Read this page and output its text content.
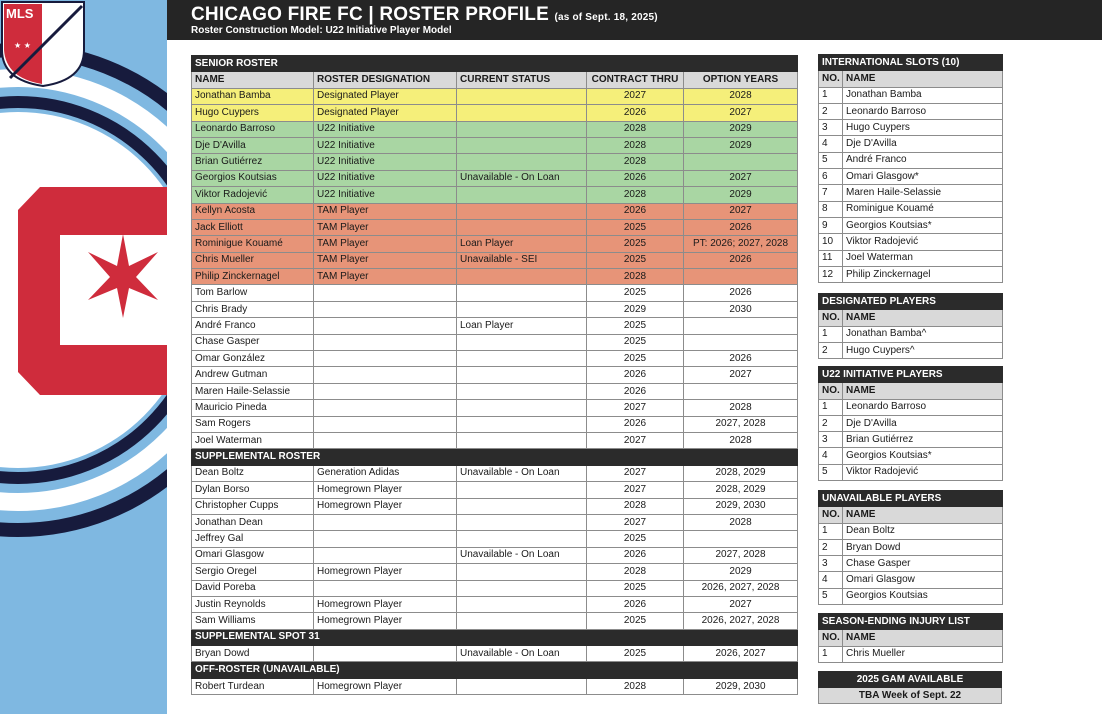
MLS
★ ★
CHICAGO FIRE FC | ROSTER PROFILE (as of Sept. 18, 2025)
Roster Construction Model: U22 Initiative Player Model
SENIOR ROSTER				
NAME	ROSTER DESIGNATION	CURRENT STATUS	CONTRACT THRU	OPTION YEARS
Jonathan Bamba	Designated Player		2027	2028
Hugo Cuypers	Designated Player		2026	2027
Leonardo Barroso	U22 Initiative		2028	2029
Dje D'Avilla	U22 Initiative		2028	2029
Brian Gutiérrez	U22 Initiative		2028	
Georgios Koutsias	U22 Initiative	Unavailable - On Loan	2026	2027
Viktor Radojević	U22 Initiative		2028	2029
Kellyn Acosta	TAM Player		2026	2027
Jack Elliott	TAM Player		2025	2026
Rominigue Kouamé	TAM Player	Loan Player	2025	PT: 2026; 2027, 2028
Chris Mueller	TAM Player	Unavailable - SEI	2025	2026
Philip Zinckernagel	TAM Player		2028	
Tom Barlow			2025	2026
Chris Brady			2029	2030
André Franco		Loan Player	2025	
Chase Gasper			2025	
Omar González			2025	2026
Andrew Gutman			2026	2027
Maren Haile-Selassie			2026	
Mauricio Pineda			2027	2028
Sam Rogers			2026	2027, 2028
Joel Waterman			2027	2028
SUPPLEMENTAL ROSTER				
Dean Boltz	Generation Adidas	Unavailable - On Loan	2027	2028, 2029
Dylan Borso	Homegrown Player		2027	2028, 2029
Christopher Cupps	Homegrown Player		2028	2029, 2030
Jonathan Dean			2027	2028
Jeffrey Gal			2025	
Omari Glasgow		Unavailable - On Loan	2026	2027, 2028
Sergio Oregel	Homegrown Player		2028	2029
David Poreba			2025	2026, 2027, 2028
Justin Reynolds	Homegrown Player		2026	2027
Sam Williams	Homegrown Player		2025	2026, 2027, 2028
SUPPLEMENTAL SPOT 31				
Bryan Dowd		Unavailable - On Loan	2025	2026, 2027
OFF-ROSTER (UNAVAILABLE)				
Robert Turdean	Homegrown Player		2028	2029, 2030
INTERNATIONAL SLOTS (10)	
NO.	NAME
1	Jonathan Bamba
2	Leonardo Barroso
3	Hugo Cuypers
4	Dje D'Avilla
5	André Franco
6	Omari Glasgow*
7	Maren Haile-Selassie
8	Rominigue Kouamé
9	Georgios Koutsias*
10	Viktor Radojević
11	Joel Waterman
12	Philip Zinckernagel
DESIGNATED PLAYERS	
NO.	NAME
1	Jonathan Bamba^
2	Hugo Cuypers^
U22 INITIATIVE PLAYERS	
NO.	NAME
1	Leonardo Barroso
2	Dje D'Avilla
3	Brian Gutiérrez
4	Georgios Koutsias*
5	Viktor Radojević
UNAVAILABLE PLAYERS	
NO.	NAME
1	Dean Boltz
2	Bryan Dowd
3	Chase Gasper
4	Omari Glasgow
5	Georgios Koutsias
SEASON-ENDING INJURY LIST	
NO.	NAME
1	Chris Mueller
2025 GAM AVAILABLE
TBA Week of Sept. 22
